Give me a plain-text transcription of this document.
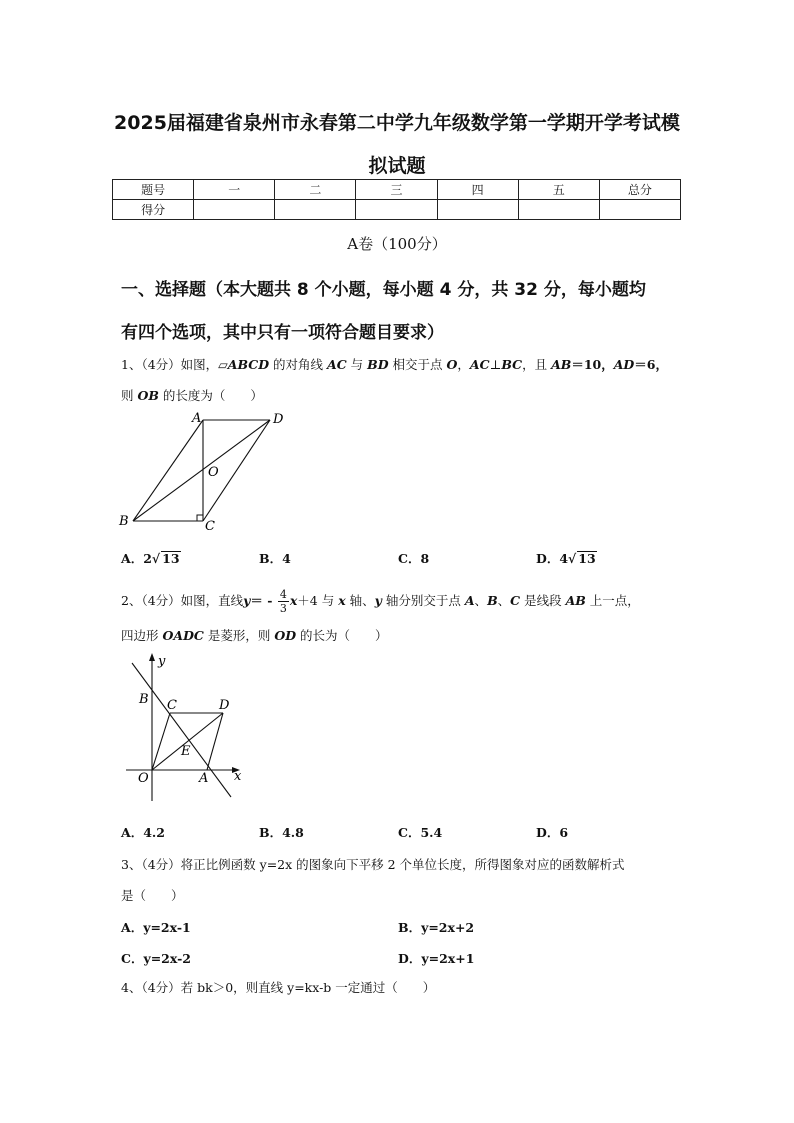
2025届福建省泉州市永春第二中学九年级数学第一学期开学考试模
拟试题
题号	一	二	三	四	五	总分
得分						
A卷（100分）
一、选择题（本大题共 8 个小题，每小题 4 分，共 32 分，每小题均
有四个选项，其中只有一项符合题目要求）
1、（4分）如图，▱ABCD 的对角线 AC 与 BD 相交于点 O，AC⊥BC，且 AB＝10，AD＝6，
则 OB 的长度为（　　）
A	D
O
B	C
A．2√ 13	B．4	C．8	D．4√ 13
2、（4分）如图，直线$y= - \frac{4}{3} x+4$ 与 x 轴、y 轴分别交于点 A、B、C 是线段 AB 上一点，
四边形 OADC 是菱形，则 OD 的长为（　　）
y
x
B C	D
E
O	A
A．4.2	B．4.8	C．5.4	D．6
3、（4分）将正比例函数 y=2x 的图象向下平移 2 个单位长度，所得图象对应的函数解析式
是（　　）
A．y=2x-1	B．y=2x+2
C．y=2x-2	D．y=2x+1
4、（4分）若 bk＞0，则直线 y=kx-b 一定通过（　　）
